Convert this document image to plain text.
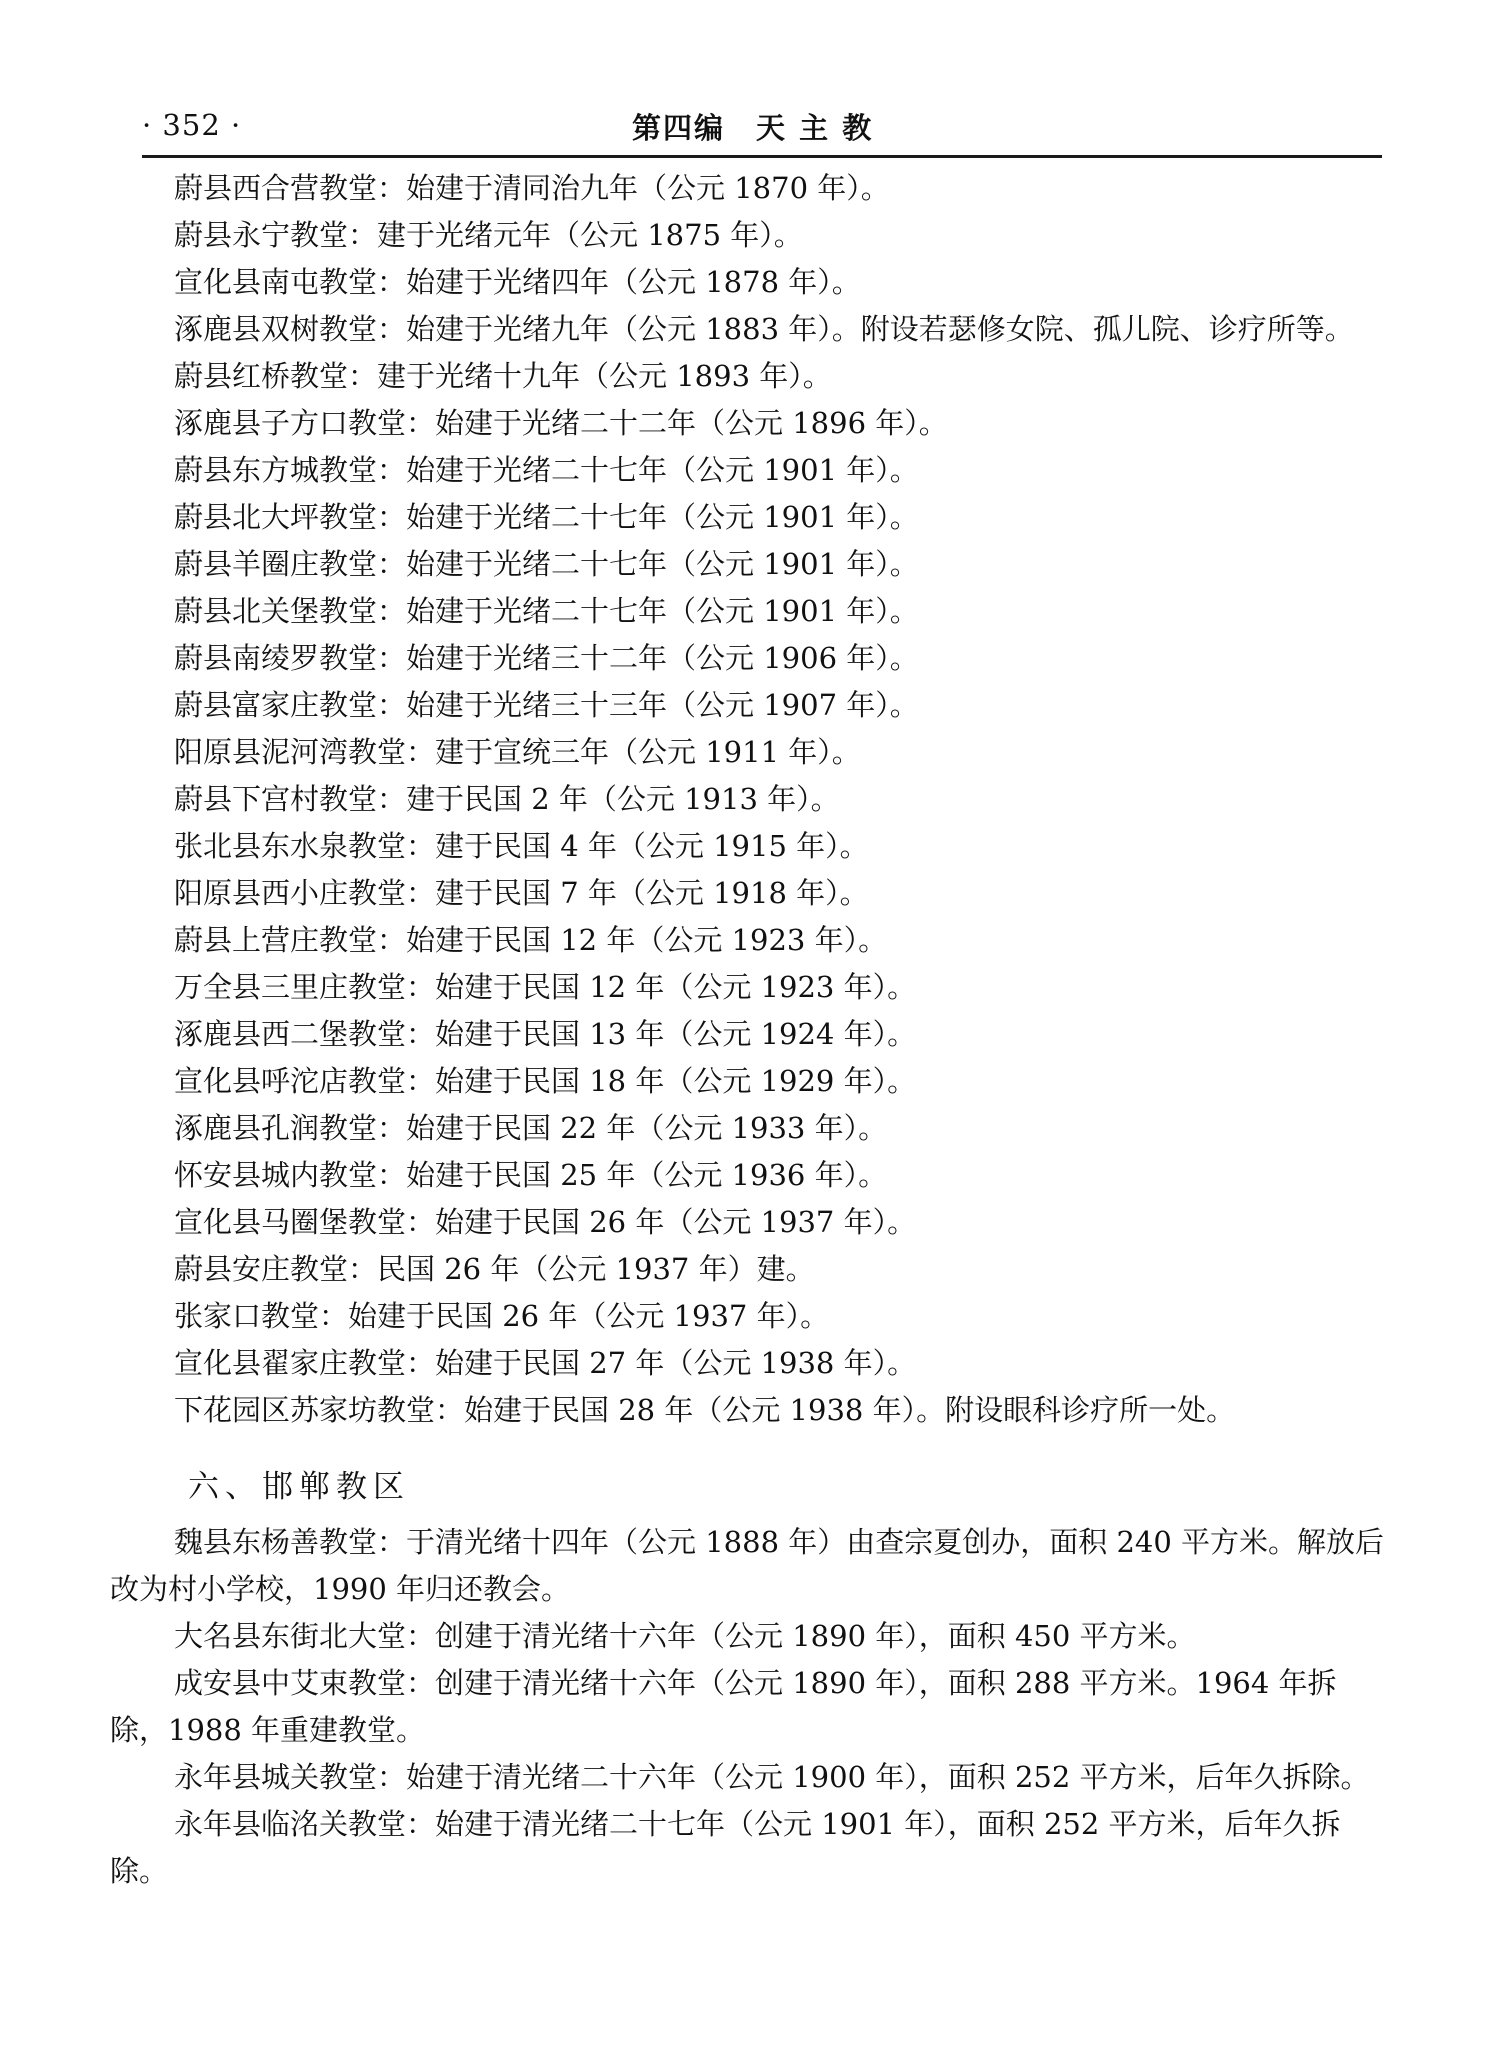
· 352 ·	第四编　天 主 教

蔚县西合营教堂：始建于清同治九年（公元 1870 年）。

蔚县永宁教堂：建于光绪元年（公元 1875 年）。

宣化县南屯教堂：始建于光绪四年（公元 1878 年）。

涿鹿县双树教堂：始建于光绪九年（公元 1883 年）。附设若瑟修女院、孤儿院、诊疗所等。

蔚县红桥教堂：建于光绪十九年（公元 1893 年）。

涿鹿县子方口教堂：始建于光绪二十二年（公元 1896 年）。

蔚县东方城教堂：始建于光绪二十七年（公元 1901 年）。

蔚县北大坪教堂：始建于光绪二十七年（公元 1901 年）。

蔚县羊圈庄教堂：始建于光绪二十七年（公元 1901 年）。

蔚县北关堡教堂：始建于光绪二十七年（公元 1901 年）。

蔚县南绫罗教堂：始建于光绪三十二年（公元 1906 年）。

蔚县富家庄教堂：始建于光绪三十三年（公元 1907 年）。

阳原县泥河湾教堂：建于宣统三年（公元 1911 年）。

蔚县下宫村教堂：建于民国 2 年（公元 1913 年）。

张北县东水泉教堂：建于民国 4 年（公元 1915 年）。

阳原县西小庄教堂：建于民国 7 年（公元 1918 年）。

蔚县上营庄教堂：始建于民国 12 年（公元 1923 年）。

万全县三里庄教堂：始建于民国 12 年（公元 1923 年）。

涿鹿县西二堡教堂：始建于民国 13 年（公元 1924 年）。

宣化县呼沱店教堂：始建于民国 18 年（公元 1929 年）。

涿鹿县孔润教堂：始建于民国 22 年（公元 1933 年）。

怀安县城内教堂：始建于民国 25 年（公元 1936 年）。

宣化县马圈堡教堂：始建于民国 26 年（公元 1937 年）。

蔚县安庄教堂：民国 26 年（公元 1937 年）建。

张家口教堂：始建于民国 26 年（公元 1937 年）。

宣化县翟家庄教堂：始建于民国 27 年（公元 1938 年）。

下花园区苏家坊教堂：始建于民国 28 年（公元 1938 年）。附设眼科诊疗所一处。

六、邯郸教区

魏县东杨善教堂：于清光绪十四年（公元 1888 年）由查宗夏创办，面积 240 平方米。解放后改为村小学校，1990 年归还教会。

大名县东街北大堂：创建于清光绪十六年（公元 1890 年），面积 450 平方米。

成安县中艾束教堂：创建于清光绪十六年（公元 1890 年），面积 288 平方米。1964 年拆除，1988 年重建教堂。

永年县城关教堂：始建于清光绪二十六年（公元 1900 年），面积 252 平方米，后年久拆除。

永年县临洺关教堂：始建于清光绪二十七年（公元 1901 年），面积 252 平方米，后年久拆除。
